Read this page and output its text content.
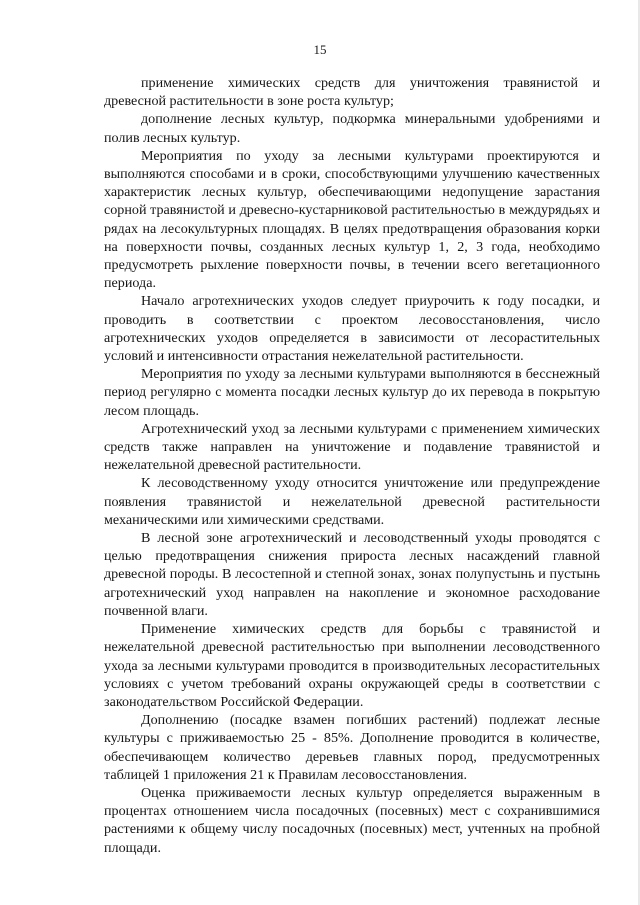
15

применение химических средств для уничтожения травянистой и древесной растительности в зоне роста культур;

дополнение лесных культур, подкормка минеральными удобрениями и полив лесных культур.

Мероприятия по уходу за лесными культурами проектируются и выполняются способами и в сроки, способствующими улучшению качественных характеристик лесных культур, обеспечивающими недопущение зарастания сорной травянистой и древесно-кустарниковой растительностью в междурядьях и рядах на лесокультурных площадях. В целях предотвращения образования корки на поверхности почвы, созданных лесных культур 1, 2, 3 года, необходимо предусмотреть рыхление поверхности почвы, в течении всего вегетационного периода.

Начало агротехнических уходов следует приурочить к году посадки, и проводить в соответствии с проектом лесовосстановления, число агротехнических уходов определяется в зависимости от лесорастительных условий и интенсивности отрастания нежелательной растительности.

Мероприятия по уходу за лесными культурами выполняются в бесснежный период регулярно с момента посадки лесных культур до их перевода в покрытую лесом площадь.

Агротехнический уход за лесными культурами с применением химических средств также направлен на уничтожение и подавление травянистой и нежелательной древесной растительности.

К лесоводственному уходу относится уничтожение или предупреждение появления травянистой и нежелательной древесной растительности механическими или химическими средствами.

В лесной зоне агротехнический и лесоводственный уходы проводятся с целью предотвращения снижения прироста лесных насаждений главной древесной породы. В лесостепной и степной зонах, зонах полупустынь и пустынь агротехнический уход направлен на накопление и экономное расходование почвенной влаги.

Применение химических средств для борьбы с травянистой и нежелательной древесной растительностью при выполнении лесоводственного ухода за лесными культурами проводится в производительных лесорастительных условиях с учетом требований охраны окружающей среды в соответствии с законодательством Российской Федерации.

Дополнению (посадке взамен погибших растений) подлежат лесные культуры с приживаемостью 25 - 85%. Дополнение проводится в количестве, обеспечивающем количество деревьев главных пород, предусмотренных таблицей 1 приложения 21 к Правилам лесовосстановления.

Оценка приживаемости лесных культур определяется выраженным в процентах отношением числа посадочных (посевных) мест с сохранившимися растениями к общему числу посадочных (посевных) мест, учтенных на пробной площади.
